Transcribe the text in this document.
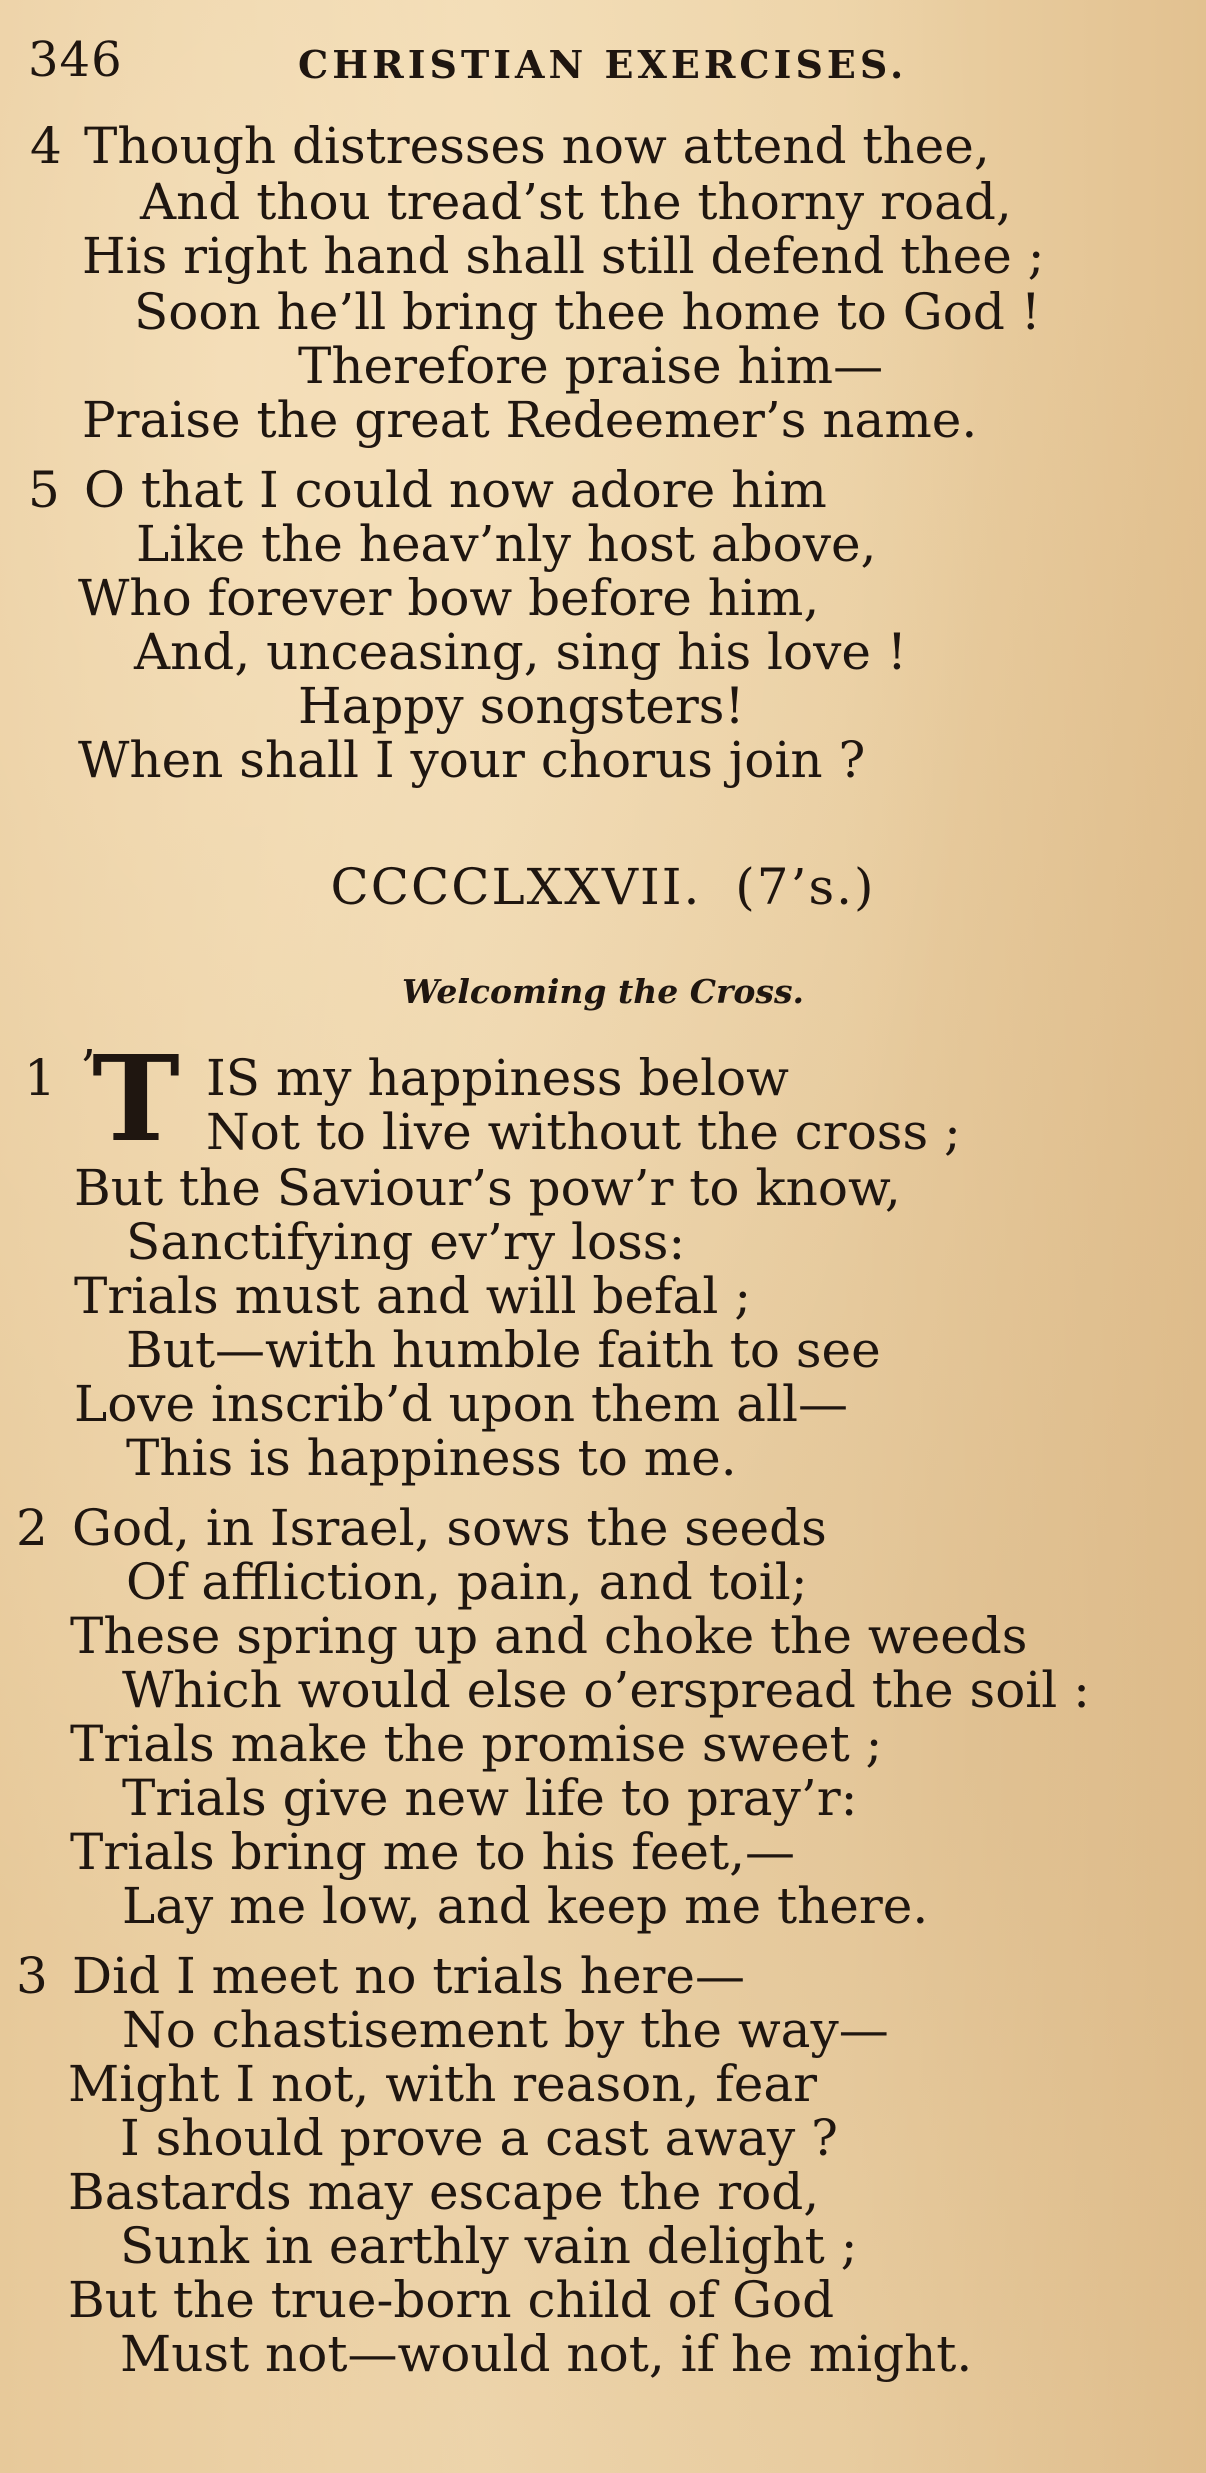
346	CHRISTIAN EXERCISES.
4 Though distresses now attend thee,
And thou tread’st the thorny road,
His right hand shall still defend thee ;
Soon he’ll bring thee home to God !
Therefore praise him—
Praise the great Redeemer’s name.
5 O that I could now adore him
Like the heav’nly host above,
Who forever bow before him,
And, unceasing, sing his love !
Happy songsters!
When shall I your chorus join ?
CCCCLXXVII. (7’s.)
Welcoming the Cross.
1 ’
T IS my happiness below
Not to live without the cross ;
But the Saviour’s pow’r to know,
Sanctifying ev’ry loss:
Trials must and will befal ;
But—with humble faith to see
Love inscrib’d upon them all—
This is happiness to me.
2 God, in Israel, sows the seeds
Of affliction, pain, and toil;
These spring up and choke the weeds
Which would else o’erspread the soil :
Trials make the promise sweet ;
Trials give new life to pray’r:
Trials bring me to his feet,—
Lay me low, and keep me there.
3 Did I meet no trials here—
No chastisement by the way—
Might I not, with reason, fear
I should prove a cast away ?
Bastards may escape the rod,
Sunk in earthly vain delight ;
But the true-born child of God
Must not—would not, if he might.
